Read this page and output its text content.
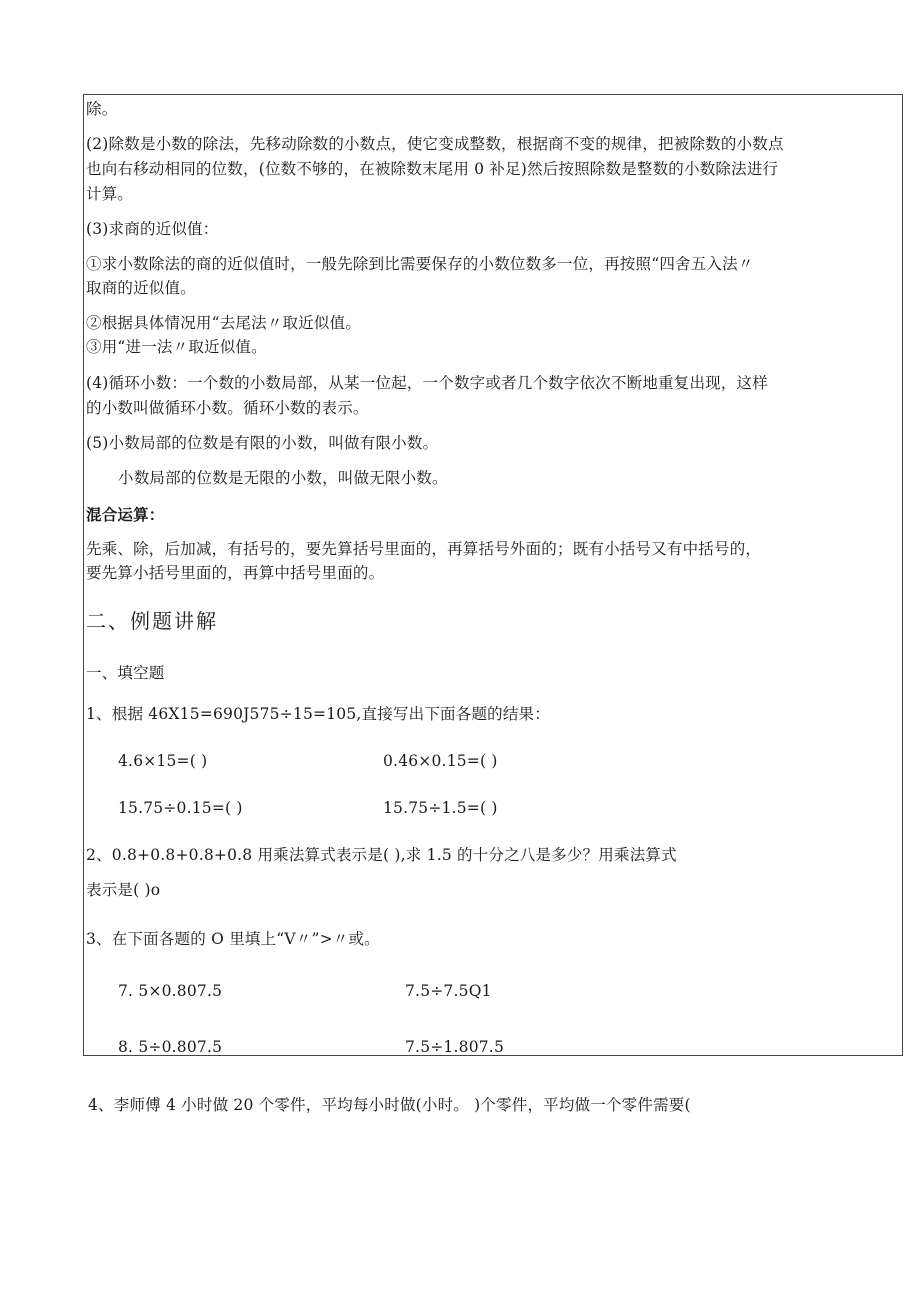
除。
(2)除数是小数的除法，先移动除数的小数点，使它变成整数，根据商不变的规律，把被除数的小数点
也向右移动相同的位数，(位数不够的，在被除数末尾用 0 补足)然后按照除数是整数的小数除法进行
计算。
(3)求商的近似值：
①求小数除法的商的近似值时，一般先除到比需要保存的小数位数多一位，再按照“四舍五入法〃
取商的近似值。
②根据具体情况用“去尾法〃取近似值。
③用“进一法〃取近似值。
(4)循环小数：一个数的小数局部，从某一位起，一个数字或者几个数字依次不断地重复出现，这样
的小数叫做循环小数。循环小数的表示。
(5)小数局部的位数是有限的小数，叫做有限小数。
小数局部的位数是无限的小数，叫做无限小数。
混合运算：
先乘、除，后加减，有括号的，要先算括号里面的，再算括号外面的；既有小括号又有中括号的，
要先算小括号里面的，再算中括号里面的。
二、例题讲解
一、填空题
1、根据 46X15=690J575÷15=105,直接写出下面各题的结果：
4.6×15=( )	0.46×0.15=( )
15.75÷0.15=( )	15.75÷1.5=( )
2、0.8+0.8+0.8+0.8 用乘法算式表示是( ),求 1.5 的十分之八是多少？用乘法算式
表示是( )o
3、在下面各题的 O 里填上“V〃”>〃或。
7. 5×0.807.5	7.5÷7.5Q1
8. 5÷0.807.5	7.5÷1.807.5
4、李师傅 4 小时做 20 个零件，平均每小时做(小时。 )个零件，平均做一个零件需要(
